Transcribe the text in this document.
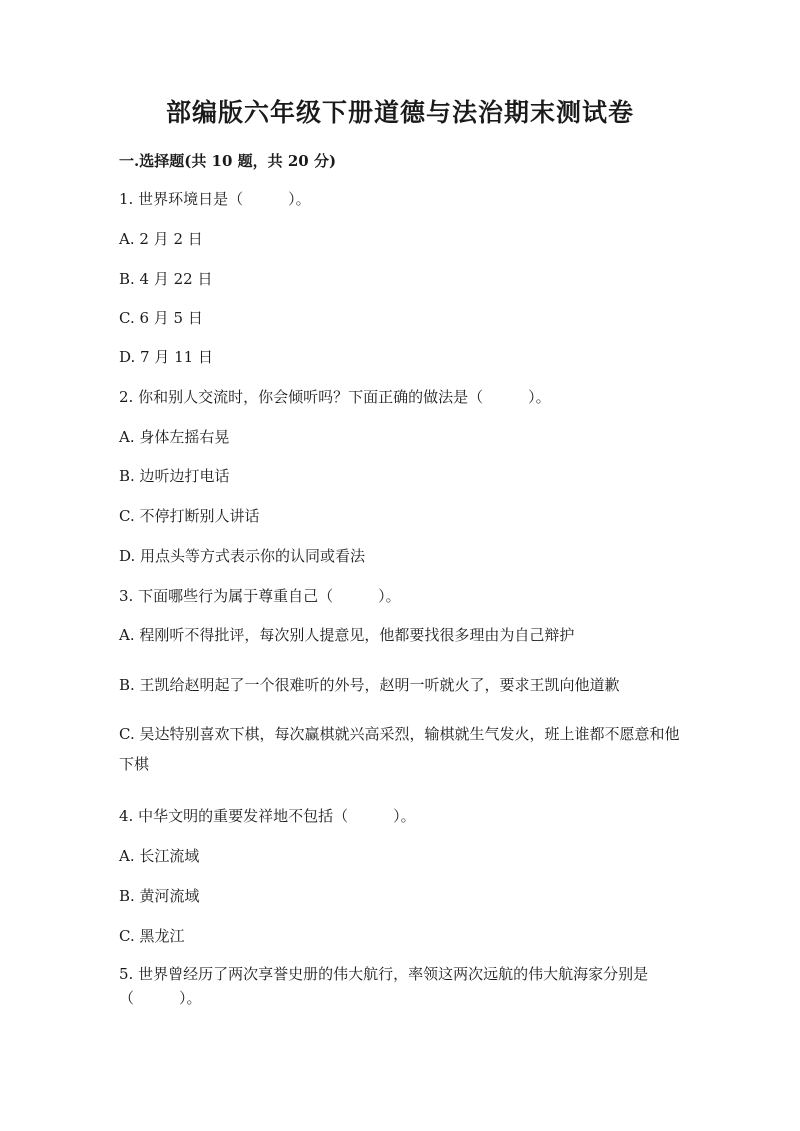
部编版六年级下册道德与法治期末测试卷
一.选择题(共 10 题，共 20 分)
1. 世界环境日是（　　　）。
A. 2 月 2 日
B. 4 月 22 日
C. 6 月 5 日
D. 7 月 11 日
2. 你和别人交流时，你会倾听吗？下面正确的做法是（　　　）。
A. 身体左摇右晃
B. 边听边打电话
C. 不停打断别人讲话
D. 用点头等方式表示你的认同或看法
3. 下面哪些行为属于尊重自己（　　　）。
A. 程刚听不得批评，每次别人提意见，他都要找很多理由为自己辩护
B. 王凯给赵明起了一个很难听的外号，赵明一听就火了，要求王凯向他道歉
C. 吴达特别喜欢下棋，每次赢棋就兴高采烈，输棋就生气发火，班上谁都不愿意和他下棋
4. 中华文明的重要发祥地不包括（　　　）。
A. 长江流域
B. 黄河流域
C. 黑龙江
5. 世界曾经历了两次享誉史册的伟大航行，率领这两次远航的伟大航海家分别是（　　　）。
